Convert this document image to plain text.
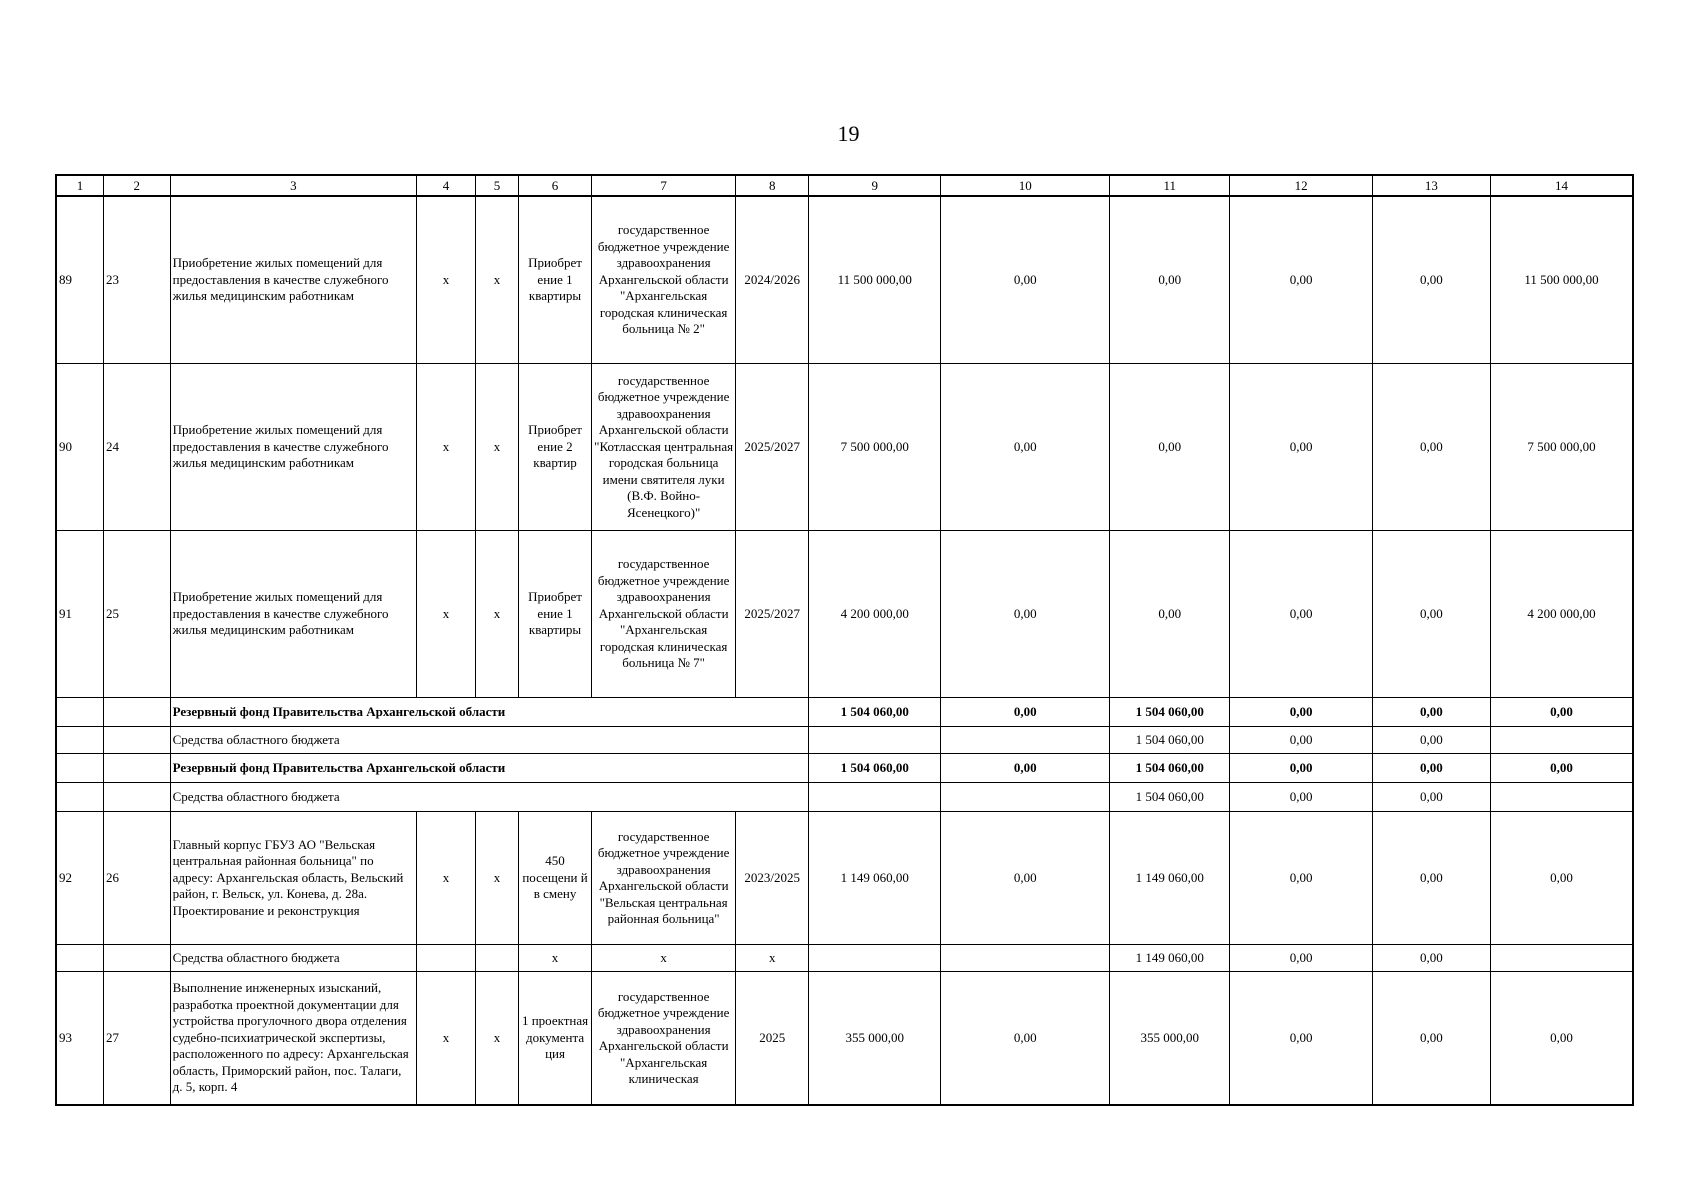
19
1	2	3	4	5	6	7	8	9	10	11	12	13	14
89	23	Приобретение жилых помещений для предоставления в качестве служебного жилья медицинским работникам	х	х	Приобрет ение 1 квартиры	государственное бюджетное учреждение здравоохранения Архангельской области "Архангельская городская клиническая больница № 2"	2024/2026	11 500 000,00	0,00	0,00	0,00	0,00	11 500 000,00
90	24	Приобретение жилых помещений для предоставления в качестве служебного жилья медицинским работникам	х	х	Приобрет ение 2 квартир	государственное бюджетное учреждение здравоохранения Архангельской области "Котласская центральная городская больница имени святителя луки (В.Ф. Войно-Ясенецкого)"	2025/2027	7 500 000,00	0,00	0,00	0,00	0,00	7 500 000,00
91	25	Приобретение жилых помещений для предоставления в качестве служебного жилья медицинским работникам	х	х	Приобрет ение 1 квартиры	государственное бюджетное учреждение здравоохранения Архангельской области "Архангельская городская клиническая больница № 7"	2025/2027	4 200 000,00	0,00	0,00	0,00	0,00	4 200 000,00
		Резервный фонд Правительства Архангельской области						1 504 060,00	0,00	1 504 060,00	0,00	0,00	0,00
		Средства областного бюджета								1 504 060,00	0,00	0,00	
		Резервный фонд Правительства Архангельской области						1 504 060,00	0,00	1 504 060,00	0,00	0,00	0,00
		Средства областного бюджета								1 504 060,00	0,00	0,00	
92	26	Главный корпус ГБУЗ АО "Вельская центральная районная больница" по адресу: Архангельская область, Вельский район, г. Вельск, ул. Конева, д. 28а. Проектирование и реконструкция	х	х	450 посещени й в смену	государственное бюджетное учреждение здравоохранения Архангельской области "Вельская центральная районная больница"	2023/2025	1 149 060,00	0,00	1 149 060,00	0,00	0,00	0,00
		Средства областного бюджета			х	х	х			1 149 060,00	0,00	0,00	
93	27	Выполнение инженерных изысканий, разработка проектной документации для устройства прогулочного двора отделения судебно-психиатрической экспертизы, расположенного по адресу: Архангельская область, Приморский район, пос. Талаги, д. 5, корп. 4	х	х	1 проектная документа ция	государственное бюджетное учреждение здравоохранения Архангельской области "Архангельская клиническая	2025	355 000,00	0,00	355 000,00	0,00	0,00	0,00
